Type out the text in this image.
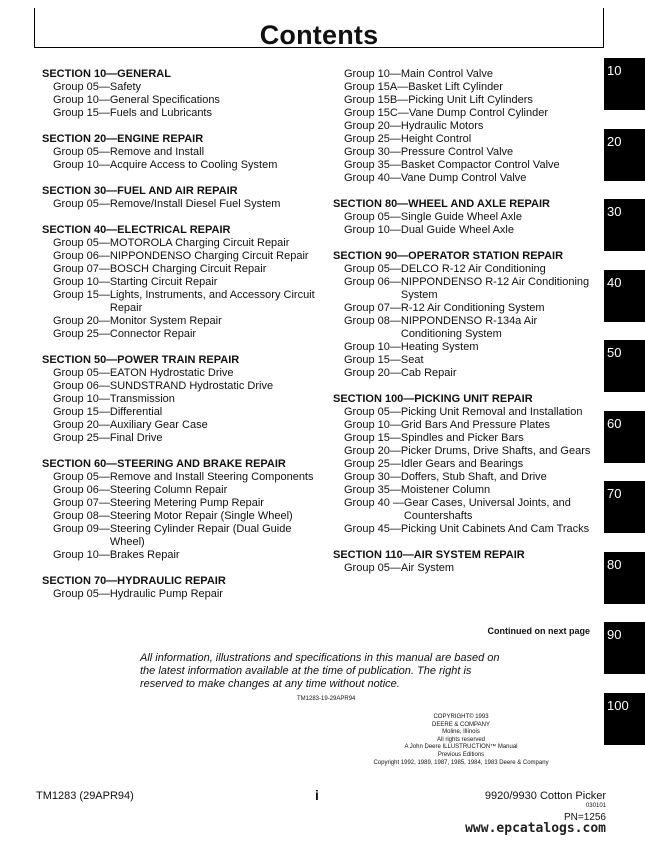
Contents
SECTION 10—GENERAL
Group 05— Safety
Group 10— General Specifications
Group 15— Fuels and Lubricants
SECTION 20—ENGINE REPAIR
Group 05— Remove and Install
Group 10— Acquire Access to Cooling System
SECTION 30—FUEL AND AIR REPAIR
Group 05— Remove/Install Diesel Fuel System
SECTION 40—ELECTRICAL REPAIR
Group 05— MOTOROLA Charging Circuit Repair
Group 06— NIPPONDENSO Charging Circuit Repair
Group 07— BOSCH Charging Circuit Repair
Group 10— Starting Circuit Repair
Group 15— Lights, Instruments, and Accessory Circuit Repair
Group 20— Monitor System Repair
Group 25— Connector Repair
SECTION 50—POWER TRAIN REPAIR
Group 05— EATON Hydrostatic Drive
Group 06— SUNDSTRAND Hydrostatic Drive
Group 10— Transmission
Group 15— Differential
Group 20— Auxiliary Gear Case
Group 25— Final Drive
SECTION 60—STEERING AND BRAKE REPAIR
Group 05— Remove and Install Steering Components
Group 06— Steering Column Repair
Group 07— Steering Metering Pump Repair
Group 08— Steering Motor Repair (Single Wheel)
Group 09— Steering Cylinder Repair (Dual Guide Wheel)
Group 10— Brakes Repair
SECTION 70—HYDRAULIC REPAIR
Group 05— Hydraulic Pump Repair
Group 10— Main Control Valve
Group 15A— Basket Lift Cylinder
Group 15B— Picking Unit Lift Cylinders
Group 15C— Vane Dump Control Cylinder
Group 20— Hydraulic Motors
Group 25— Height Control
Group 30— Pressure Control Valve
Group 35— Basket Compactor Control Valve
Group 40— Vane Dump Control Valve
SECTION 80—WHEEL AND AXLE REPAIR
Group 05— Single Guide Wheel Axle
Group 10— Dual Guide Wheel Axle
SECTION 90—OPERATOR STATION REPAIR
Group 05— DELCO R-12 Air Conditioning
Group 06— NIPPONDENSO R-12 Air Conditioning System
Group 07— R-12 Air Conditioning System
Group 08— NIPPONDENSO R-134a Air Conditioning System
Group 10— Heating System
Group 15— Seat
Group 20— Cab Repair
SECTION 100—PICKING UNIT REPAIR
Group 05— Picking Unit Removal and Installation
Group 10— Grid Bars And Pressure Plates
Group 15— Spindles and Picker Bars
Group 20— Picker Drums, Drive Shafts, and Gears
Group 25— Idler Gears and Bearings
Group 30— Doffers, Stub Shaft, and Drive
Group 35— Moistener Column
Group 40 — Gear Cases, Universal Joints, and Countershafts
Group 45— Picking Unit Cabinets And Cam Tracks
SECTION 110—AIR SYSTEM REPAIR
Group 05— Air System
Continued on next page
All information, illustrations and specifications in this manual are based on the latest information available at the time of publication. The right is reserved to make changes at any time without notice.
TM1283-19-29APR94
COPYRIGHT© 1993
DEERE & COMPANY
Moline, Illinois
All rights reserved
A John Deere ILLUSTRUCTION™ Manual
Previous Editions
Copyright 1992, 1989, 1987, 1985, 1984, 1983 Deere & Company
10
20
30
40
50
60
70
80
90
100
TM1283 (29APR94)	i	9920/9930 Cotton Picker
030101
PN=1256
www.epcatalogs.com
